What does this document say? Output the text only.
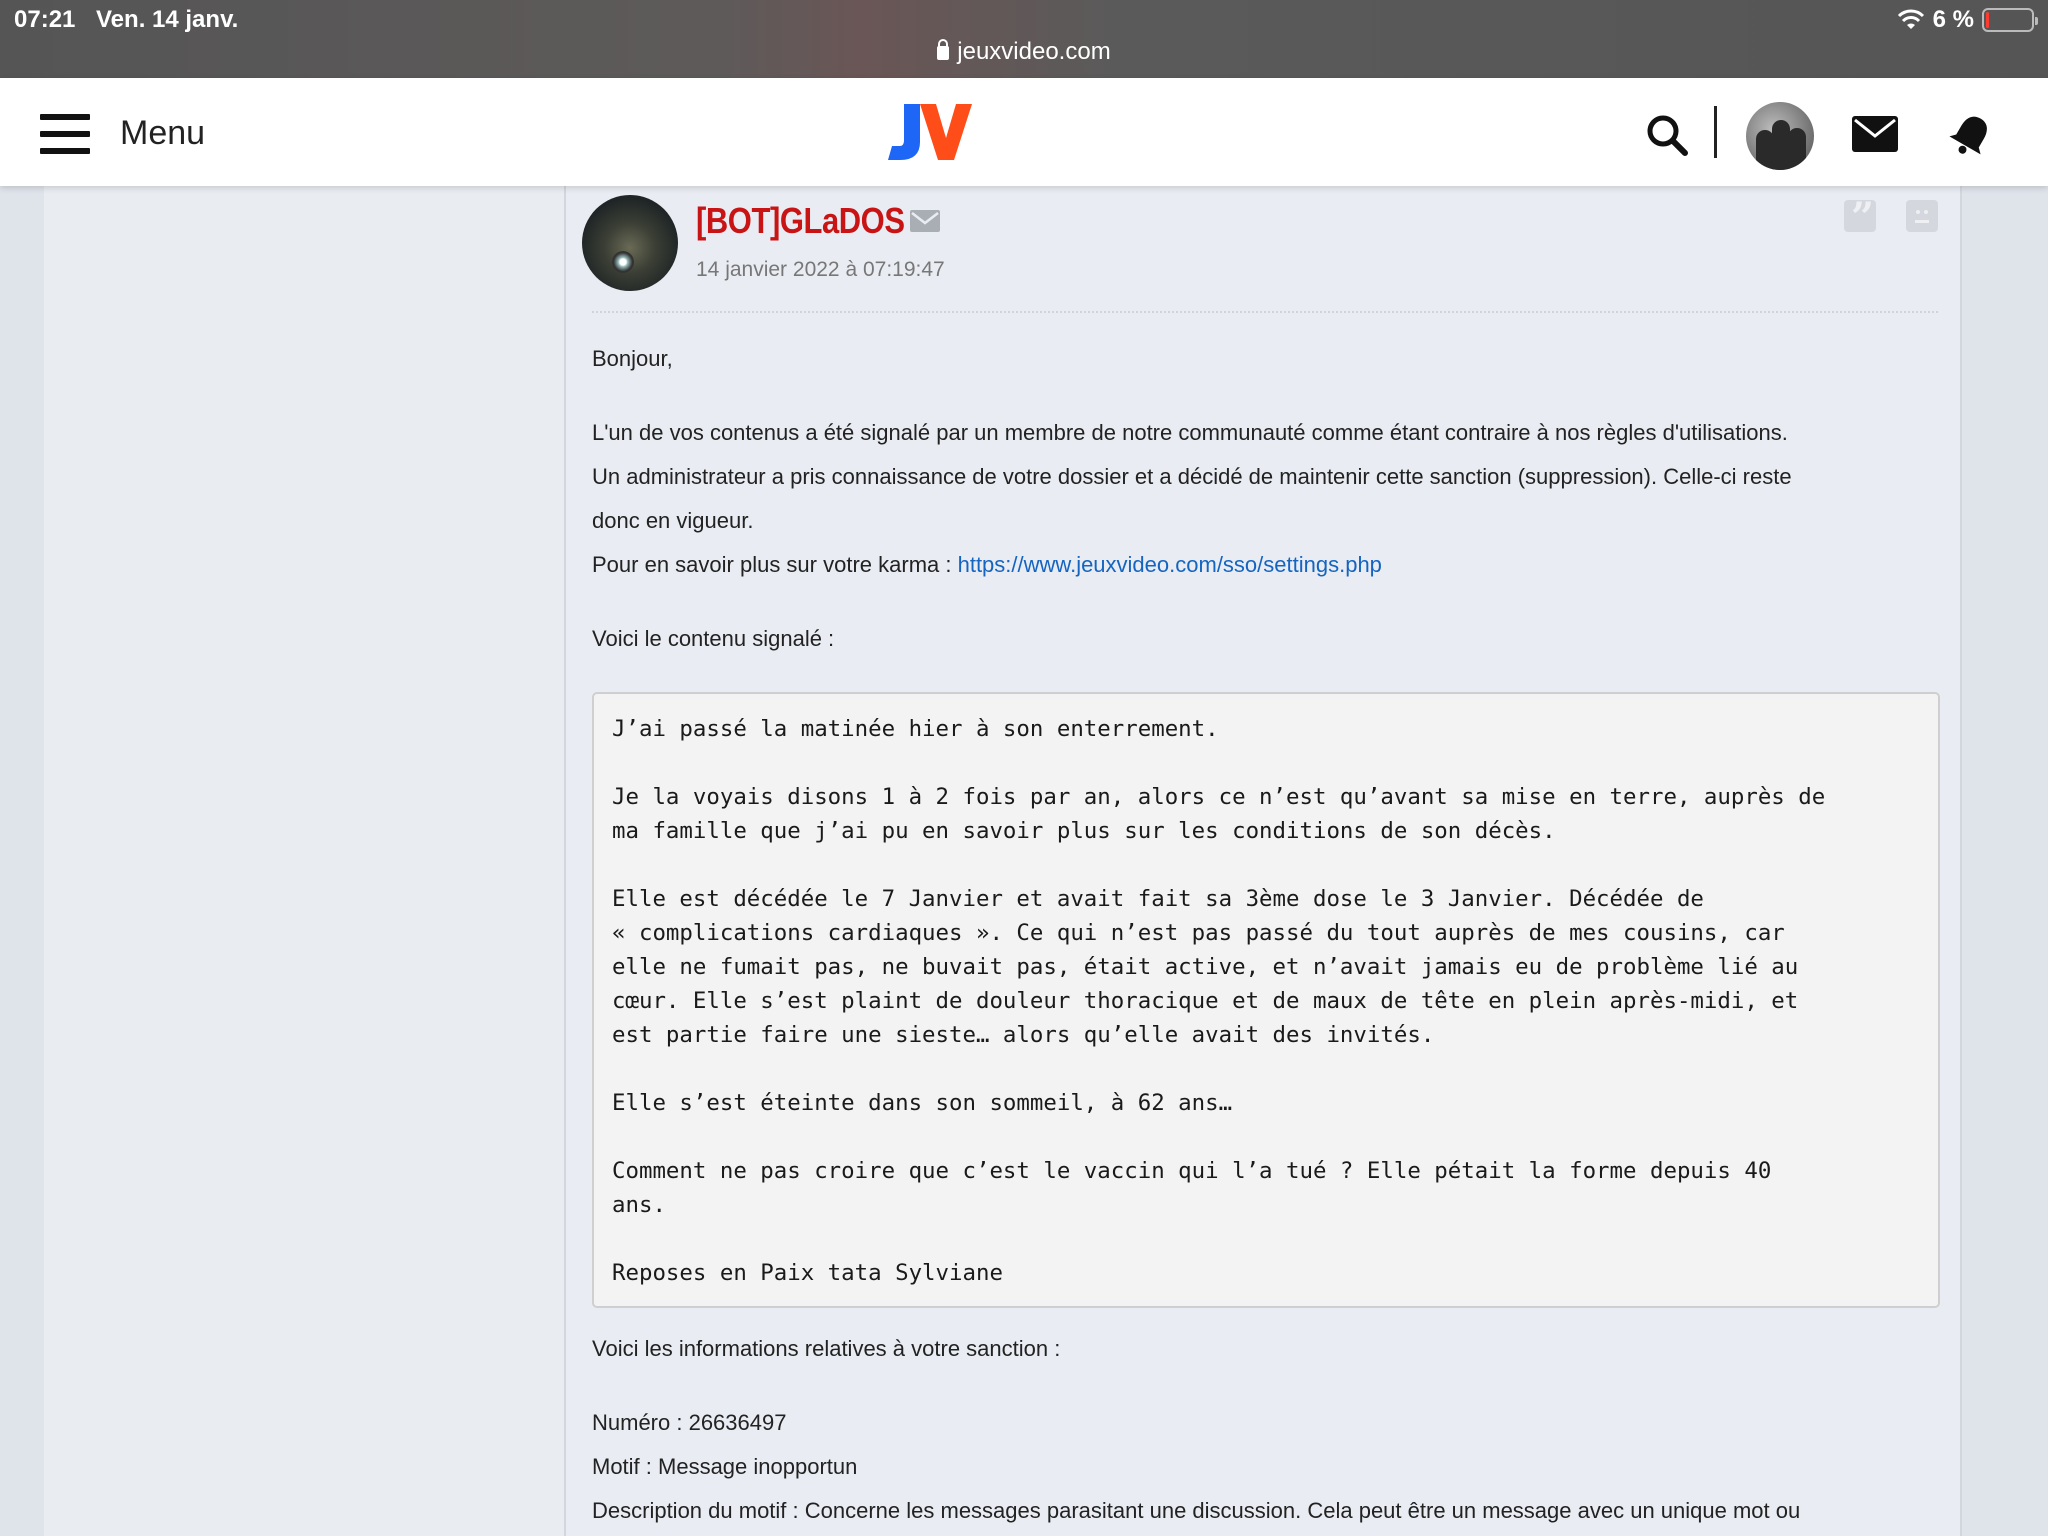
07:21 Ven. 14 janv.	6 %
jeuxvideo.com
Menu
[BOT]GLaDOS
14 janvier 2022 à 07:19:47
”
Bonjour,
L'un de vos contenus a été signalé par un membre de notre communauté comme étant contraire à nos règles d'utilisations.
Un administrateur a pris connaissance de votre dossier et a décidé de maintenir cette sanction (suppression). Celle-ci reste
donc en vigueur.
Pour en savoir plus sur votre karma : https://www.jeuxvideo.com/sso/settings.php
Voici le contenu signalé :

J’ai passé la matinée hier à son enterrement.

Je la voyais disons 1 à 2 fois par an, alors ce n’est qu’avant sa mise en terre, auprès de
ma famille que j’ai pu en savoir plus sur les conditions de son décès.

Elle est décédée le 7 Janvier et avait fait sa 3ème dose le 3 Janvier. Décédée de
« complications cardiaques ». Ce qui n’est pas passé du tout auprès de mes cousins, car
elle ne fumait pas, ne buvait pas, était active, et n’avait jamais eu de problème lié au
cœur. Elle s’est plaint de douleur thoracique et de maux de tête en plein après-midi, et
est partie faire une sieste… alors qu’elle avait des invités.

Elle s’est éteinte dans son sommeil, à 62 ans…

Comment ne pas croire que c’est le vaccin qui l’a tué ? Elle pétait la forme depuis 40
ans.

Reposes en Paix tata Sylviane

Voici les informations relatives à votre sanction :
Numéro : 26636497
Motif : Message inopportun
Description du motif : Concerne les messages parasitant une discussion. Cela peut être un message avec un unique mot ou
